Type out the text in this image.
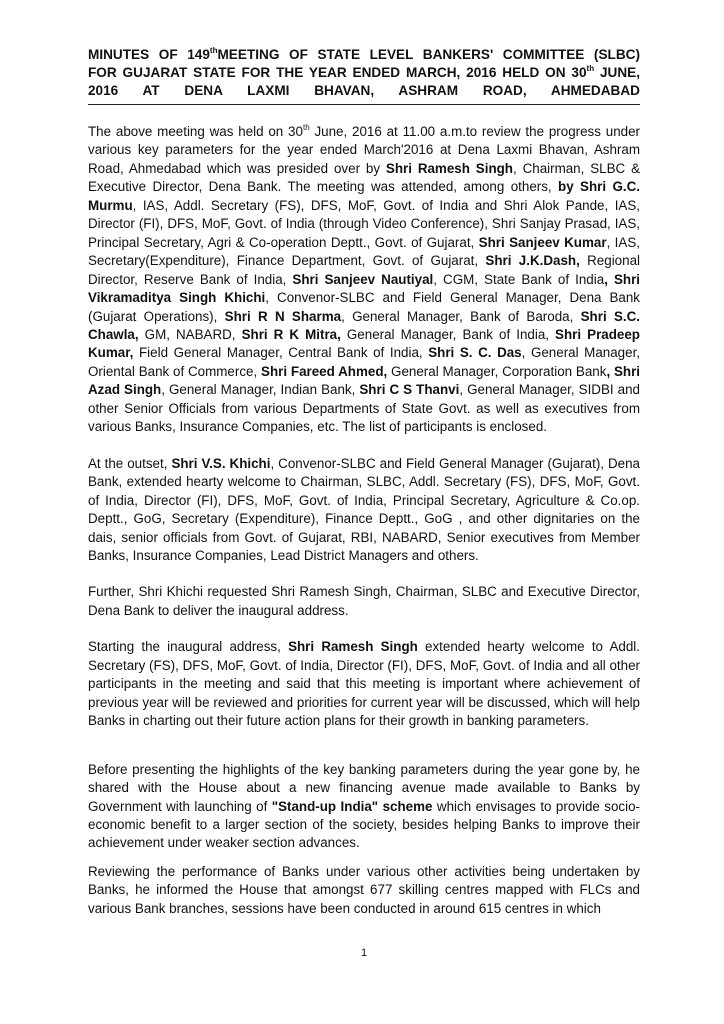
MINUTES OF 149thMEETING OF STATE LEVEL BANKERS' COMMITTEE (SLBC)
FOR GUJARAT STATE FOR THE YEAR ENDED MARCH, 2016 HELD ON 30th JUNE,
2016 AT DENA LAXMI BHAVAN, ASHRAM ROAD, AHMEDABAD

The above meeting was held on 30th June, 2016 at 11.00 a.m.to review the progress under various key parameters for the year ended March'2016 at Dena Laxmi Bhavan, Ashram Road, Ahmedabad which was presided over by Shri Ramesh Singh, Chairman, SLBC & Executive Director, Dena Bank. The meeting was attended, among others, by Shri G.C. Murmu, IAS, Addl. Secretary (FS), DFS, MoF, Govt. of India and Shri Alok Pande, IAS, Director (FI), DFS, MoF, Govt. of India (through Video Conference), Shri Sanjay Prasad, IAS, Principal Secretary, Agri & Co-operation Deptt., Govt. of Gujarat, Shri Sanjeev Kumar, IAS, Secretary(Expenditure), Finance Department, Govt. of Gujarat, Shri J.K.Dash, Regional Director, Reserve Bank of India, Shri Sanjeev Nautiyal, CGM, State Bank of India, Shri Vikramaditya Singh Khichi, Convenor-SLBC and Field General Manager, Dena Bank (Gujarat Operations), Shri R N Sharma, General Manager, Bank of Baroda, Shri S.C. Chawla, GM, NABARD, Shri R K Mitra, General Manager, Bank of India, Shri Pradeep Kumar, Field General Manager, Central Bank of India, Shri S. C. Das, General Manager, Oriental Bank of Commerce, Shri Fareed Ahmed, General Manager, Corporation Bank, Shri Azad Singh, General Manager, Indian Bank, Shri C S Thanvi, General Manager, SIDBI and other Senior Officials from various Departments of State Govt. as well as executives from various Banks, Insurance Companies, etc. The list of participants is enclosed.

At the outset, Shri V.S. Khichi, Convenor-SLBC and Field General Manager (Gujarat), Dena Bank, extended hearty welcome to Chairman, SLBC, Addl. Secretary (FS), DFS, MoF, Govt. of India, Director (FI), DFS, MoF, Govt. of India, Principal Secretary, Agriculture & Co.op. Deptt., GoG, Secretary (Expenditure), Finance Deptt., GoG , and other dignitaries on the dais, senior officials from Govt. of Gujarat, RBI, NABARD, Senior executives from Member Banks, Insurance Companies, Lead District Managers and others.

Further, Shri Khichi requested Shri Ramesh Singh, Chairman, SLBC and Executive Director, Dena Bank to deliver the inaugural address.

Starting the inaugural address, Shri Ramesh Singh extended hearty welcome to Addl. Secretary (FS), DFS, MoF, Govt. of India, Director (FI), DFS, MoF, Govt. of India and all other participants in the meeting and said that this meeting is important where achievement of previous year will be reviewed and priorities for current year will be discussed, which will help Banks in charting out their future action plans for their growth in banking parameters.

Before presenting the highlights of the key banking parameters during the year gone by, he shared with the House about a new financing avenue made available to Banks by Government with launching of "Stand-up India" scheme which envisages to provide socio-economic benefit to a larger section of the society, besides helping Banks to improve their achievement under weaker section advances.

Reviewing the performance of Banks under various other activities being undertaken by Banks, he informed the House that amongst 677 skilling centres mapped with FLCs and various Bank branches, sessions have been conducted in around 615 centres in which

1
